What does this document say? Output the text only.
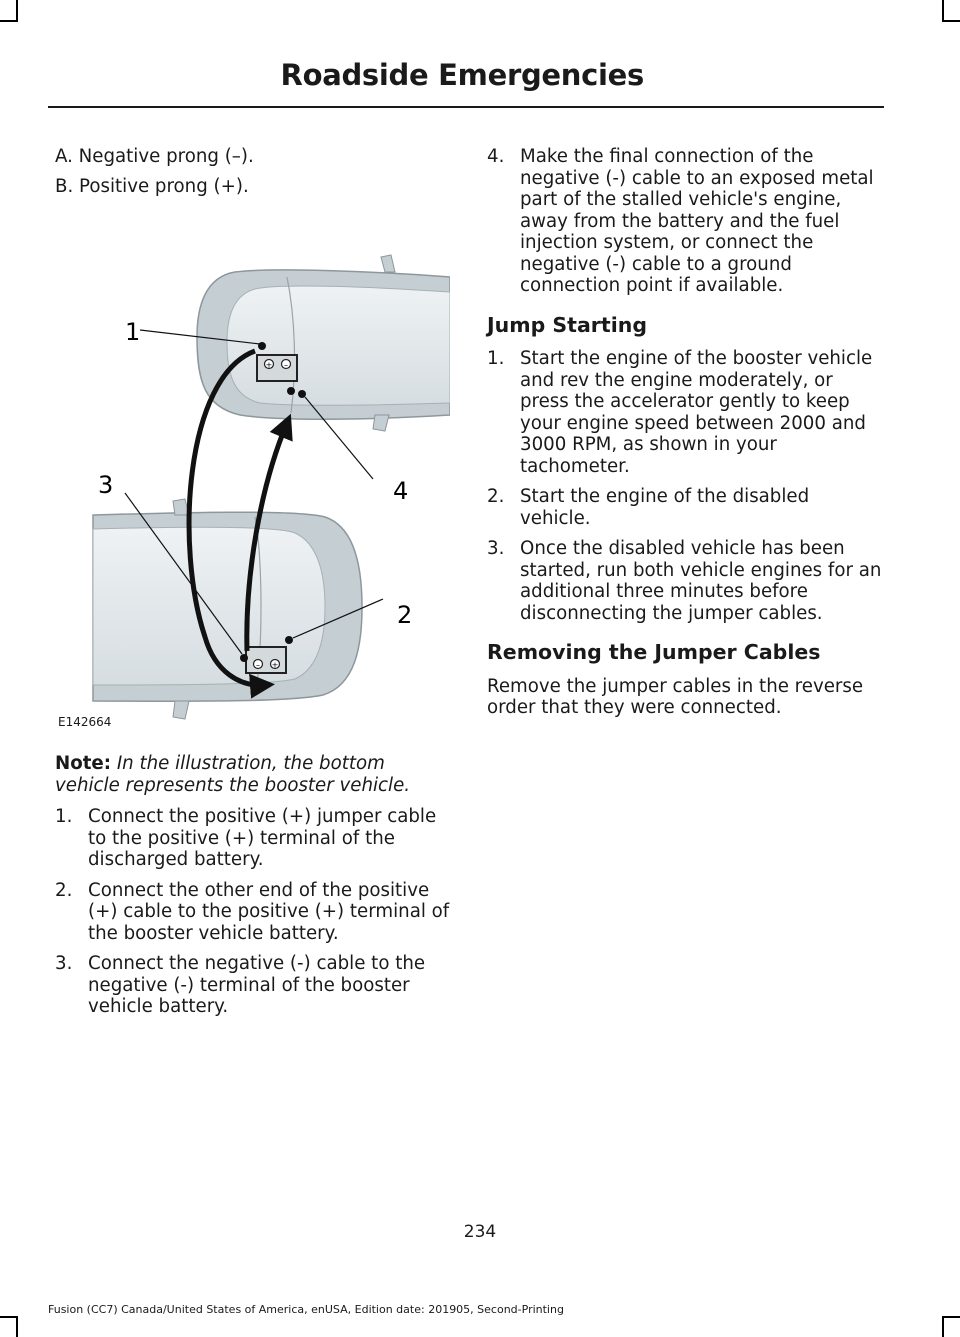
Roadside Emergencies

A. Negative prong (–).

B. Positive prong (+).

+ –
– +
1
2
3	4
E142664

Note: In the illustration, the bottom vehicle represents the booster vehicle.

1. Connect the positive (+) jumper cable to the positive (+) terminal of the discharged battery.
2. Connect the other end of the positive (+) cable to the positive (+) terminal of the booster vehicle battery.
3. Connect the negative (-) cable to the negative (-) terminal of the booster vehicle battery.
4. Make the final connection of the negative (-) cable to an exposed metal part of the stalled vehicle's engine, away from the battery and the fuel injection system, or connect the negative (-) cable to a ground connection point if available.
Jump Starting
1. Start the engine of the booster vehicle and rev the engine moderately, or press the accelerator gently to keep your engine speed between 2000 and 3000 RPM, as shown in your tachometer.
2. Start the engine of the disabled vehicle.
3. Once the disabled vehicle has been started, run both vehicle engines for an additional three minutes before disconnecting the jumper cables.
Removing the Jumper Cables

Remove the jumper cables in the reverse order that they were connected.

234
Fusion (CC7) Canada/United States of America, enUSA, Edition date: 201905, Second-Printing
